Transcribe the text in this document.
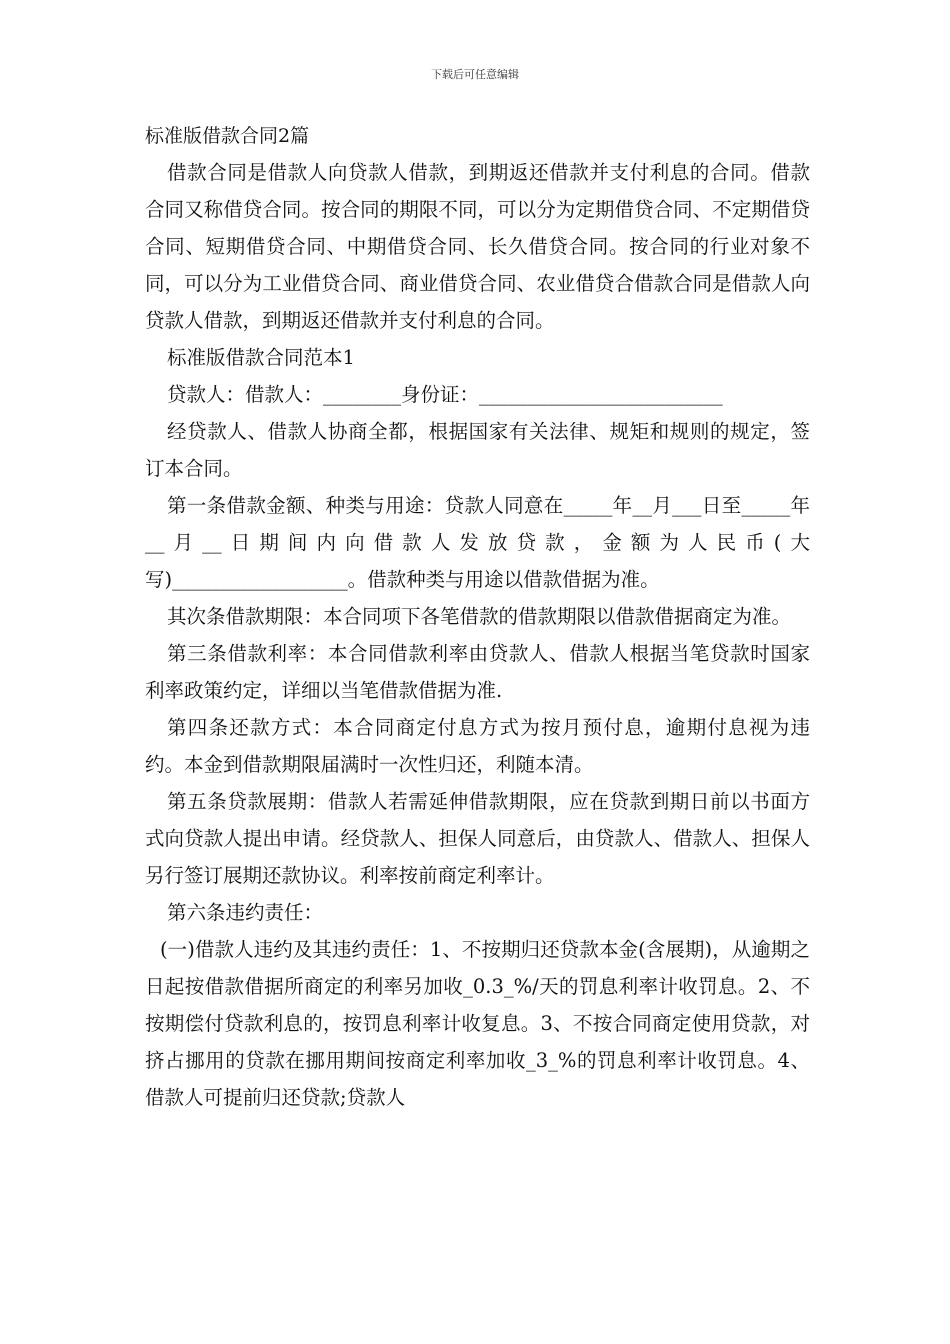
下载后可任意编辑
标准版借款合同2篇

借款合同是借款人向贷款人借款，到期返还借款并支付利息的合同。借款合同又称借贷合同。按合同的期限不同，可以分为定期借贷合同、不定期借贷合同、短期借贷合同、中期借贷合同、长久借贷合同。按合同的行业对象不同，可以分为工业借贷合同、商业借贷合同、农业借贷合借款合同是借款人向贷款人借款，到期返还借款并支付利息的合同。

标准版借款合同范本1

贷款人：借款人：________身份证：_________________________

经贷款人、借款人协商全都，根据国家有关法律、规矩和规则的规定，签订本合同。

第一条借款金额、种类与用途：贷款人同意在_____年__月___日至_____年__月__日期间内向借款人发放贷款，金额为人民币(大写)__________________。借款种类与用途以借款借据为准。

其次条借款期限：本合同项下各笔借款的借款期限以借款借据商定为准。

第三条借款利率：本合同借款利率由贷款人、借款人根据当笔贷款时国家利率政策约定，详细以当笔借款借据为准.

第四条还款方式：本合同商定付息方式为按月预付息，逾期付息视为违约。本金到借款期限届满时一次性归还，利随本清。

第五条贷款展期：借款人若需延伸借款期限，应在贷款到期日前以书面方式向贷款人提出申请。经贷款人、担保人同意后，由贷款人、借款人、担保人另行签订展期还款协议。利率按前商定利率计。

第六条违约责任：

(一)借款人违约及其违约责任：1、不按期归还贷款本金(含展期)，从逾期之日起按借款借据所商定的利率另加收_0.3_%/天的罚息利率计收罚息。2、不按期偿付贷款利息的，按罚息利率计收复息。3、不按合同商定使用贷款，对挤占挪用的贷款在挪用期间按商定利率加收_3_%的罚息利率计收罚息。4、借款人可提前归还贷款;贷款人
